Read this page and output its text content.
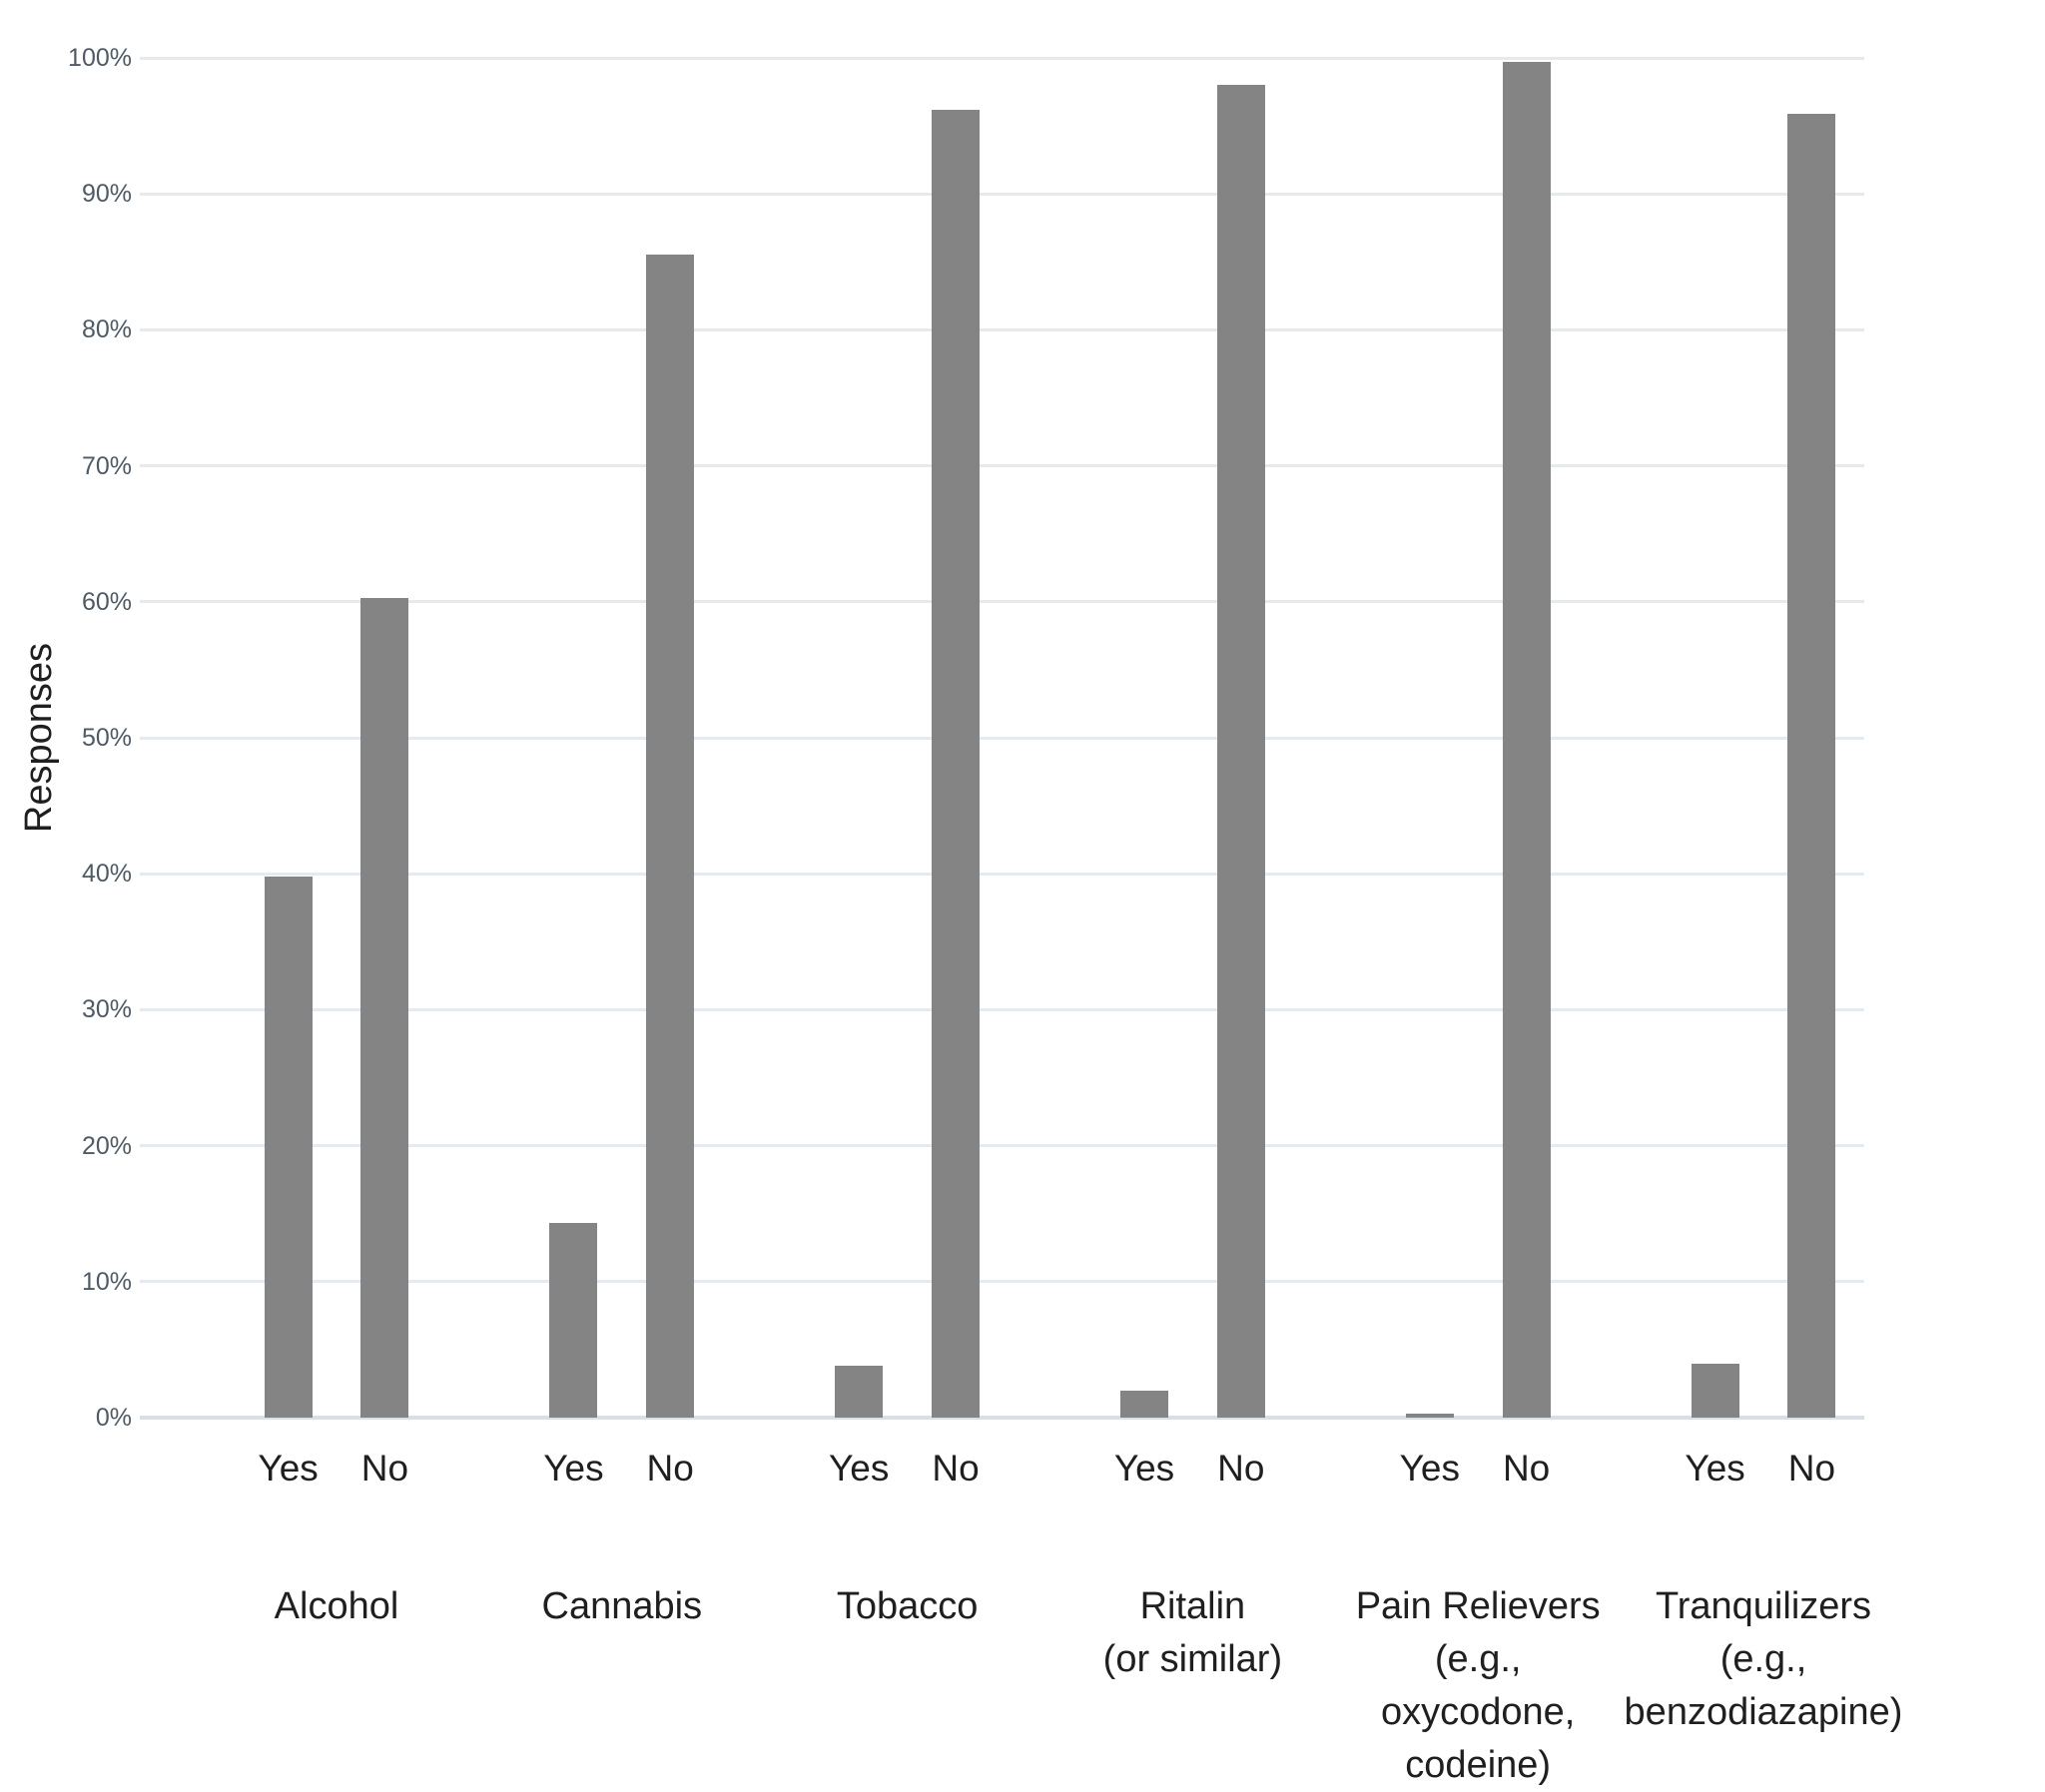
Responses
0%
10%
20%
30%
40%
50%
60%
70%
80%
90%
100%
Yes	No
Alcohol
Yes	No
Cannabis
Yes	No
Tobacco
Yes	No
Ritalin
(or similar)
Yes	No
Pain Relievers
(e.g.,
oxycodone,
codeine)
Yes	No
Tranquilizers
(e.g.,
benzodiazapine)
